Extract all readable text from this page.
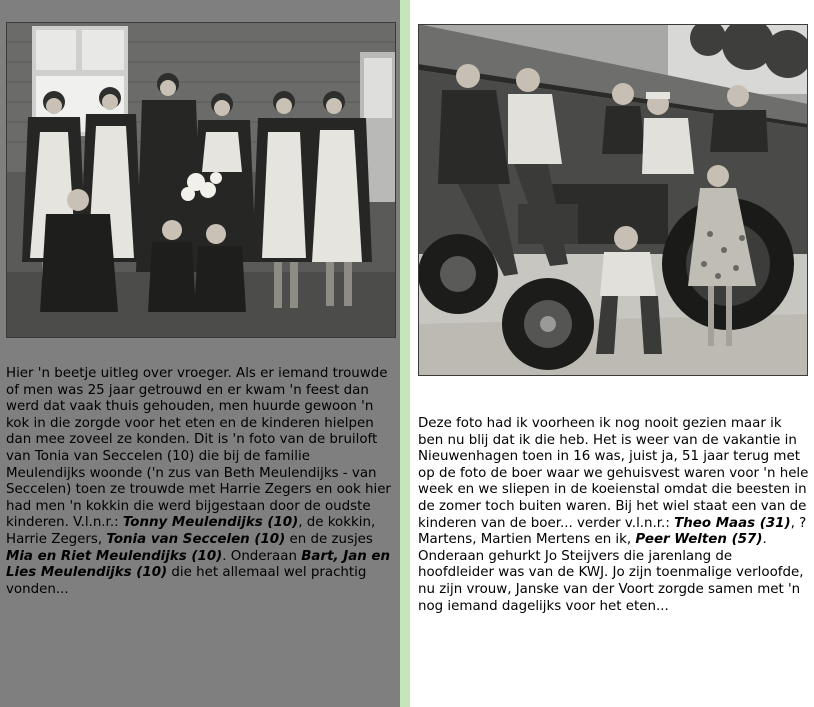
Hier 'n beetje uitleg over vroeger. Als er iemand trouwde of men was 25 jaar getrouwd en er kwam 'n feest dan werd dat vaak thuis gehouden, men huurde gewoon 'n kok in die zorgde voor het eten en de kinderen hielpen dan mee zoveel ze konden. Dit is 'n foto van de bruiloft van Tonia van Seccelen (10) die bij de familie Meulendijks woonde ('n zus van Beth Meulendijks - van Seccelen) toen ze trouwde met Harrie Zegers en ook hier had men 'n kokkin die werd bijgestaan door de oudste kinderen. V.l.n.r.: Tonny Meulendijks (10), de kokkin, Harrie Zegers, Tonia van Seccelen (10) en de zusjes Mia en Riet Meulendijks (10). Onderaan Bart, Jan en Lies Meulendijks (10) die het allemaal wel prachtig vonden...
Deze foto had ik voorheen ik nog nooit gezien maar ik ben nu blij dat ik die heb. Het is weer van de vakantie in Nieuwenhagen toen in 16 was, juist ja, 51 jaar terug met op de foto de boer waar we gehuisvest waren voor 'n hele week en we sliepen in de koeienstal omdat die beesten in de zomer toch buiten waren. Bij het wiel staat een van de kinderen van de boer... verder v.l.n.r.: Theo Maas (31), ? Martens, Martien Mertens en ik, Peer Welten (57). Onderaan gehurkt Jo Steijvers die jarenlang de hoofdleider was van de KWJ. Jo zijn toenmalige verloofde, nu zijn vrouw, Janske van der Voort zorgde samen met 'n nog iemand dagelijks voor het eten...
